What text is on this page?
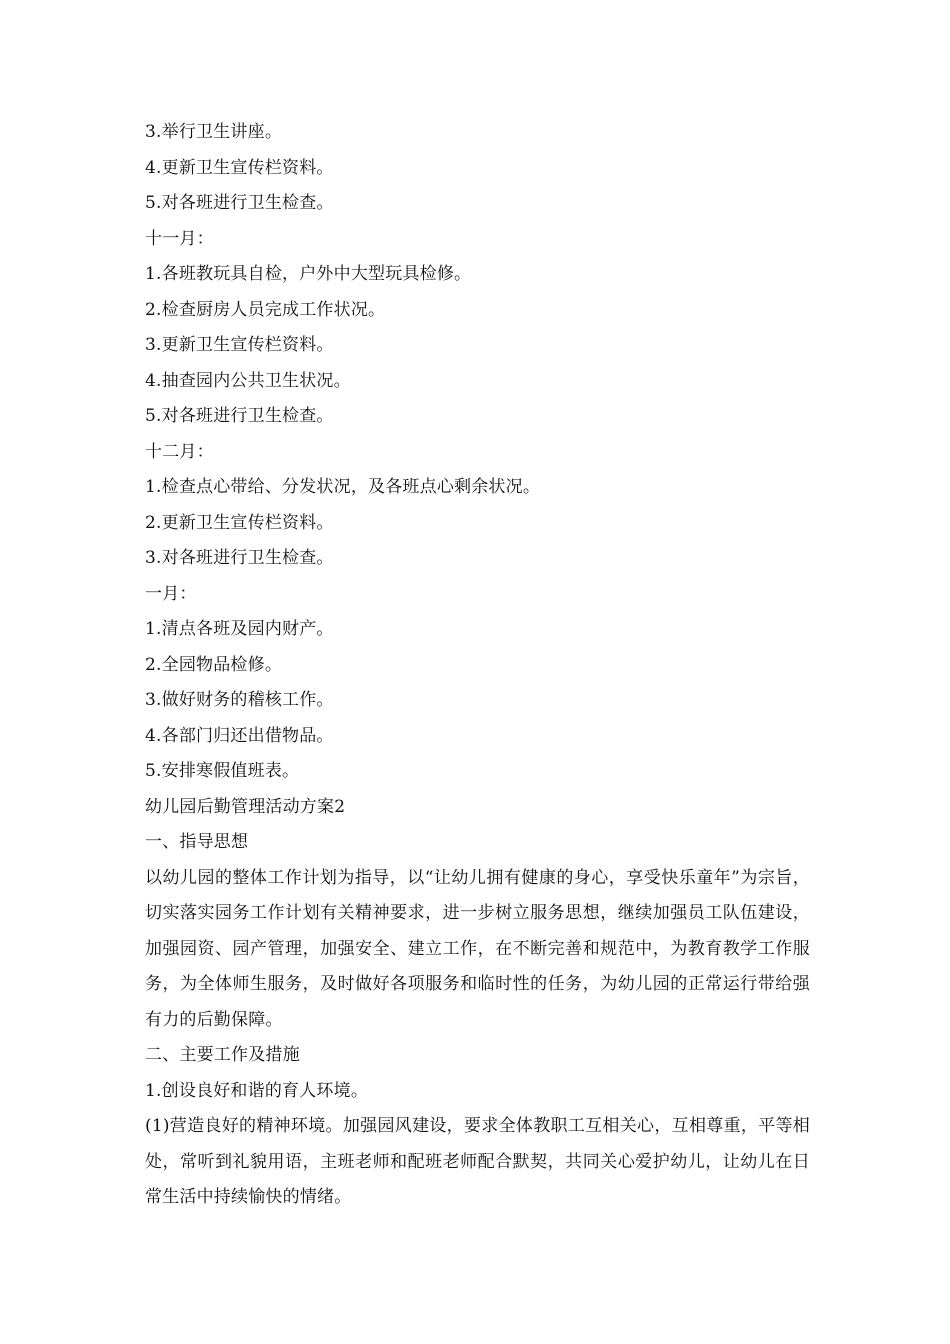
3.举行卫生讲座。
4.更新卫生宣传栏资料。
5.对各班进行卫生检查。
十一月：
1.各班教玩具自检，户外中大型玩具检修。
2.检查厨房人员完成工作状况。
3.更新卫生宣传栏资料。
4.抽查园内公共卫生状况。
5.对各班进行卫生检查。
十二月：
1.检查点心带给、分发状况，及各班点心剩余状况。
2.更新卫生宣传栏资料。
3.对各班进行卫生检查。
一月：
1.清点各班及园内财产。
2.全园物品检修。
3.做好财务的稽核工作。
4.各部门归还出借物品。
5.安排寒假值班表。
幼儿园后勤管理活动方案2
一、指导思想
以幼儿园的整体工作计划为指导，以“让幼儿拥有健康的身心，享受快乐童年”为宗旨，切实落实园务工作计划有关精神要求，进一步树立服务思想，继续加强员工队伍建设，加强园资、园产管理，加强安全、建立工作，在不断完善和规范中，为教育教学工作服务，为全体师生服务，及时做好各项服务和临时性的任务，为幼儿园的正常运行带给强有力的后勤保障。
二、主要工作及措施
1.创设良好和谐的育人环境。
(1)营造良好的精神环境。加强园风建设，要求全体教职工互相关心，互相尊重，平等相处，常听到礼貌用语，主班老师和配班老师配合默契，共同关心爱护幼儿，让幼儿在日常生活中持续愉快的情绪。
